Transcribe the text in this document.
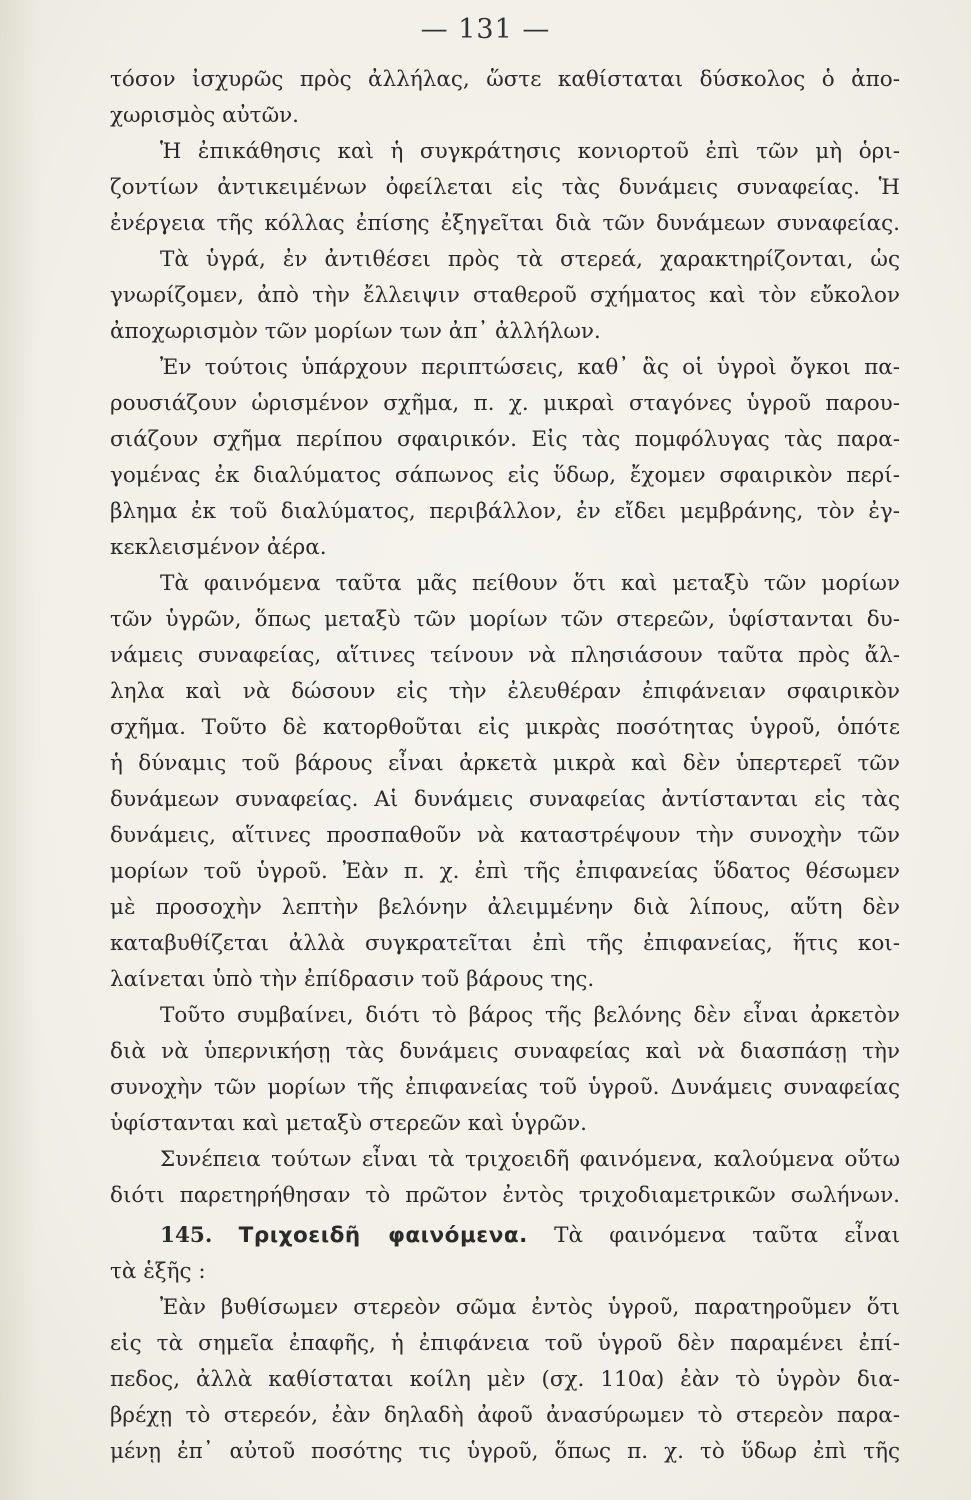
— 131 —
τόσον ἰσχυρῶς πρὸς ἀλλήλας, ὥστε καθίσταται δύσκολος ὁ ἀπο-
χωρισμὸς αὐτῶν.
Ἡ ἐπικάθησις καὶ ἡ συγκράτησις κονιορτοῦ ἐπὶ τῶν μὴ ὁρι-
ζοντίων ἀντικειμένων ὀφείλεται εἰς τὰς δυνάμεις συναφείας. Ἡ
ἐνέργεια τῆς κόλλας ἐπίσης ἐξηγεῖται διὰ τῶν δυνάμεων συναφείας.
Τὰ ὑγρά, ἐν ἀντιθέσει πρὸς τὰ στερεά, χαρακτηρίζονται, ὡς
γνωρίζομεν, ἀπὸ τὴν ἔλλειψιν σταθεροῦ σχήματος καὶ τὸν εὔκολον
ἀποχωρισμὸν τῶν μορίων των ἀπ᾿ ἀλλήλων.
Ἐν τούτοις ὑπάρχουν περιπτώσεις, καθ᾿ ἃς οἱ ὑγροὶ ὄγκοι πα-
ρουσιάζουν ὡρισμένον σχῆμα, π. χ. μικραὶ σταγόνες ὑγροῦ παρου-
σιάζουν σχῆμα περίπου σφαιρικόν. Εἰς τὰς πομφόλυγας τὰς παρα-
γομένας ἐκ διαλύματος σάπωνος εἰς ὕδωρ, ἔχομεν σφαιρικὸν περί-
βλημα ἐκ τοῦ διαλύματος, περιβάλλον, ἐν εἴδει μεμβράνης, τὸν ἐγ-
κεκλεισμένον ἀέρα.
Τὰ φαινόμενα ταῦτα μᾶς πείθουν ὅτι καὶ μεταξὺ τῶν μορίων
τῶν ὑγρῶν, ὅπως μεταξὺ τῶν μορίων τῶν στερεῶν, ὑφίστανται δυ-
νάμεις συναφείας, αἵτινες τείνουν νὰ πλησιάσουν ταῦτα πρὸς ἄλ-
ληλα καὶ νὰ δώσουν εἰς τὴν ἐλευθέραν ἐπιφάνειαν σφαιρικὸν
σχῆμα. Τοῦτο δὲ κατορθοῦται εἰς μικρὰς ποσότητας ὑγροῦ, ὁπότε
ἡ δύναμις τοῦ βάρους εἶναι ἀρκετὰ μικρὰ καὶ δὲν ὑπερτερεῖ τῶν
δυνάμεων συναφείας. Αἱ δυνάμεις συναφείας ἀντίστανται εἰς τὰς
δυνάμεις, αἵτινες προσπαθοῦν νὰ καταστρέψουν τὴν συνοχὴν τῶν
μορίων τοῦ ὑγροῦ. Ἐὰν π. χ. ἐπὶ τῆς ἐπιφανείας ὕδατος θέσωμεν
μὲ προσοχὴν λεπτὴν βελόνην ἀλειμμένην διὰ λίπους, αὕτη δὲν
καταβυθίζεται ἀλλὰ συγκρατεῖται ἐπὶ τῆς ἐπιφανείας, ἥτις κοι-
λαίνεται ὑπὸ τὴν ἐπίδρασιν τοῦ βάρους της.
Τοῦτο συμβαίνει, διότι τὸ βάρος τῆς βελόνης δὲν εἶναι ἀρκετὸν
διὰ νὰ ὑπερνικήσῃ τὰς δυνάμεις συναφείας καὶ νὰ διασπάσῃ τὴν
συνοχὴν τῶν μορίων τῆς ἐπιφανείας τοῦ ὑγροῦ. Δυνάμεις συναφείας
ὑφίστανται καὶ μεταξὺ στερεῶν καὶ ὑγρῶν.
Συνέπεια τούτων εἶναι τὰ τριχοειδῆ φαινόμενα, καλούμενα οὕτω
διότι παρετηρήθησαν τὸ πρῶτον ἐντὸς τριχοδιαμετρικῶν σωλήνων.
145. Τριχοειδῆ φαινόμενα. Τὰ φαινόμενα ταῦτα εἶναι
τὰ ἑξῆς :
Ἐὰν βυθίσωμεν στερεὸν σῶμα ἐντὸς ὑγροῦ, παρατηροῦμεν ὅτι
εἰς τὰ σημεῖα ἐπαφῆς, ἡ ἐπιφάνεια τοῦ ὑγροῦ δὲν παραμένει ἐπί-
πεδος, ἀλλὰ καθίσταται κοίλη μὲν (σχ. 110α) ἐὰν τὸ ὑγρὸν δια-
βρέχῃ τὸ στερεόν, ἐὰν δηλαδὴ ἀφοῦ ἀνασύρωμεν τὸ στερεὸν παρα-
μένῃ ἐπ᾿ αὐτοῦ ποσότης τις ὑγροῦ, ὅπως π. χ. τὸ ὕδωρ ἐπὶ τῆς
